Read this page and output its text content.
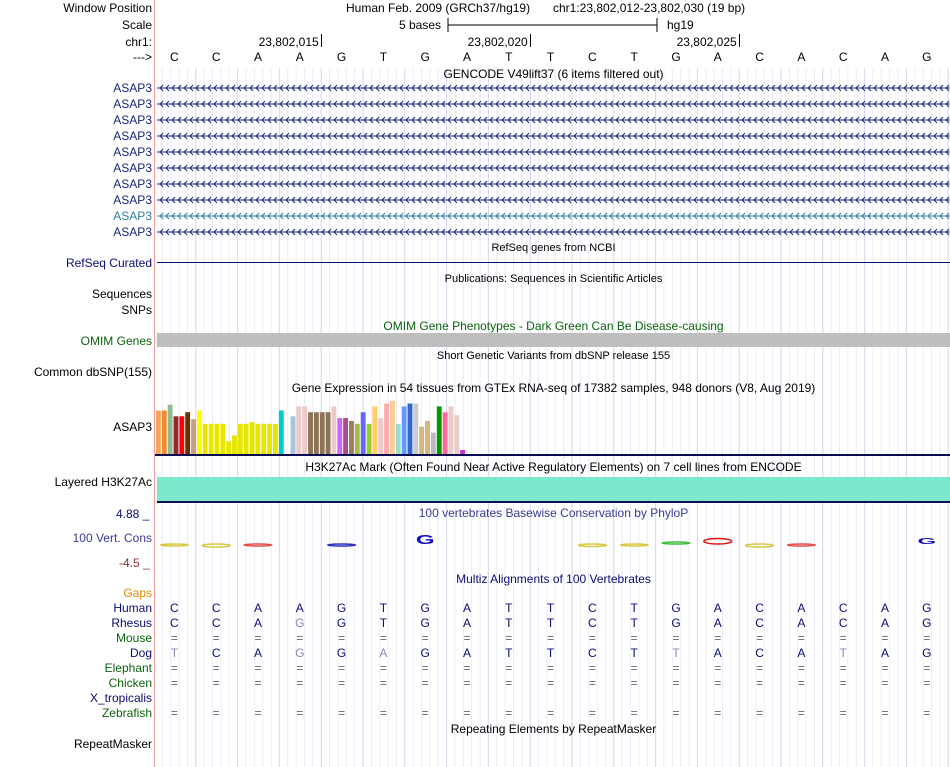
Window Position	Human Feb. 2009 (GRCh37/hg19) chr1:23,802,012-23,802,030 (19 bp)
Scale	5 bases	hg19
chr1:	23,802,015	23,802,020	23,802,025
---> C	C	A	A	G	T	G	A	T	T	C	T	G	A	C	A	C	A	G
GENCODE V49lift37 (6 items filtered out)
ASAP3
ASAP3
ASAP3
ASAP3
ASAP3
ASAP3
ASAP3
ASAP3
ASAP3
ASAP3
RefSeq genes from NCBI
RefSeq Curated
Publications: Sequences in Scientific Articles
Sequences
SNPs
OMIM Gene Phenotypes - Dark Green Can Be Disease-causing
OMIM Genes
Short Genetic Variants from dbSNP release 155
Common dbSNP(155)
Gene Expression in 54 tissues from GTEx RNA-seq of 17382 samples, 948 donors (V8, Aug 2019)
ASAP3
H3K27Ac Mark (Often Found Near Active Regulatory Elements) on 7 cell lines from ENCODE
Layered H3K27Ac
100 vertebrates Basewise Conservation by PhyloP
4.88 _
100 Vert. Cons
-4.5 _
G	G
Multiz Alignments of 100 Vertebrates
Gaps
Human C	C	A	A	G	T	G	A	T	T	C	T	G	A	C	A	C	A	G
Rhesus C	C	A	G	G	T	G	A	T	T	C	T	G	A	C	A	C	A	G
Mouse =	=	=	=	=	=	=	=	=	=	=	=	=	=	=	=	=	=	=
Dog T	C	A	G	G	A	G	A	T	T	C	T	T	A	C	A	T	A	G
Elephant =	=	=	=	=	=	=	=	=	=	=	=	=	=	=	=	=	=	=
Chicken =	=	=	=	=	=	=	=	=	=	=	=	=	=	=	=	=	=	=
X_tropicalis
Zebrafish =	=	=	=	=	=	=	=	=	=	=	=	=	=	=	=	=	=	=
Repeating Elements by RepeatMasker
RepeatMasker
